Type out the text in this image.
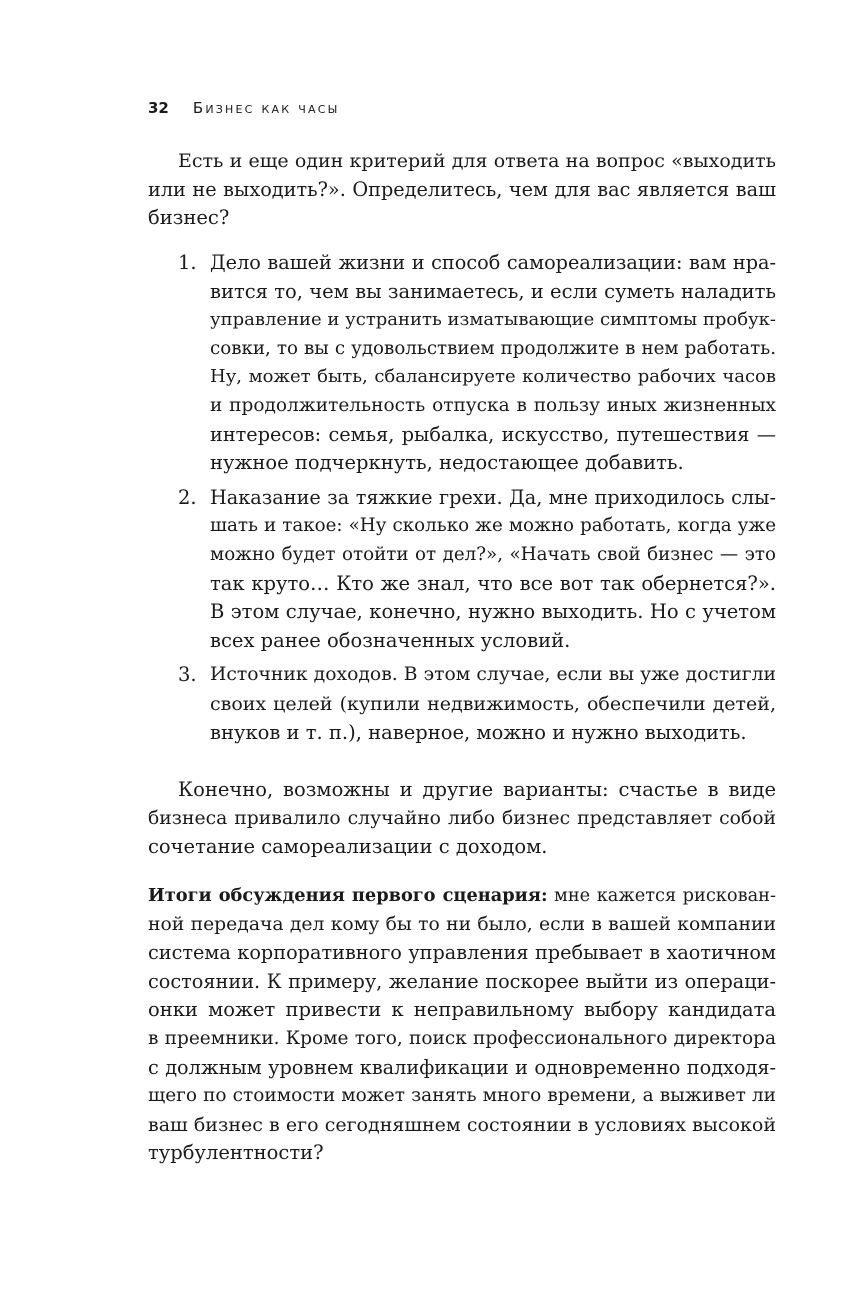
32 Бизнес как часы
Есть и еще один критерий для ответа на вопрос «выходить
или не выходить?». Определитесь, чем для вас является ваш
бизнес?
1. Дело вашей жизни и способ самореализации: вам нра-
вится то, чем вы занимаетесь, и если суметь наладить
управление и устранить изматывающие симптомы пробук-
совки, то вы с удовольствием продолжите в нем работать.
Ну, может быть, сбалансируете количество рабочих часов
и продолжительность отпуска в пользу иных жизненных
интересов: семья, рыбалка, искусство, путешествия —
нужное подчеркнуть, недостающее добавить.
2. Наказание за тяжкие грехи. Да, мне приходилось слы-
шать и такое: «Ну сколько же можно работать, когда уже
можно будет отойти от дел?», «Начать свой бизнес — это
так круто… Кто же знал, что все вот так обернется?».
В этом случае, конечно, нужно выходить. Но с учетом
всех ранее обозначенных условий.
3. Источник доходов. В этом случае, если вы уже достигли
своих целей (купили недвижимость, обеспечили детей,
внуков и т. п.), наверное, можно и нужно выходить.
Конечно, возможны и другие варианты: счастье в виде
бизнеса привалило случайно либо бизнес представляет собой
сочетание самореализации с доходом.
Итоги обсуждения первого сценария: мне кажется рискован-
ной передача дел кому бы то ни было, если в вашей компании
система корпоративного управления пребывает в хаотичном
состоянии. К примеру, желание поскорее выйти из операци-
онки может привести к неправильному выбору кандидата
в преемники. Кроме того, поиск профессионального директора
с должным уровнем квалификации и одновременно подходя-
щего по стоимости может занять много времени, а выживет ли
ваш бизнес в его сегодняшнем состоянии в условиях высокой
турбулентности?
